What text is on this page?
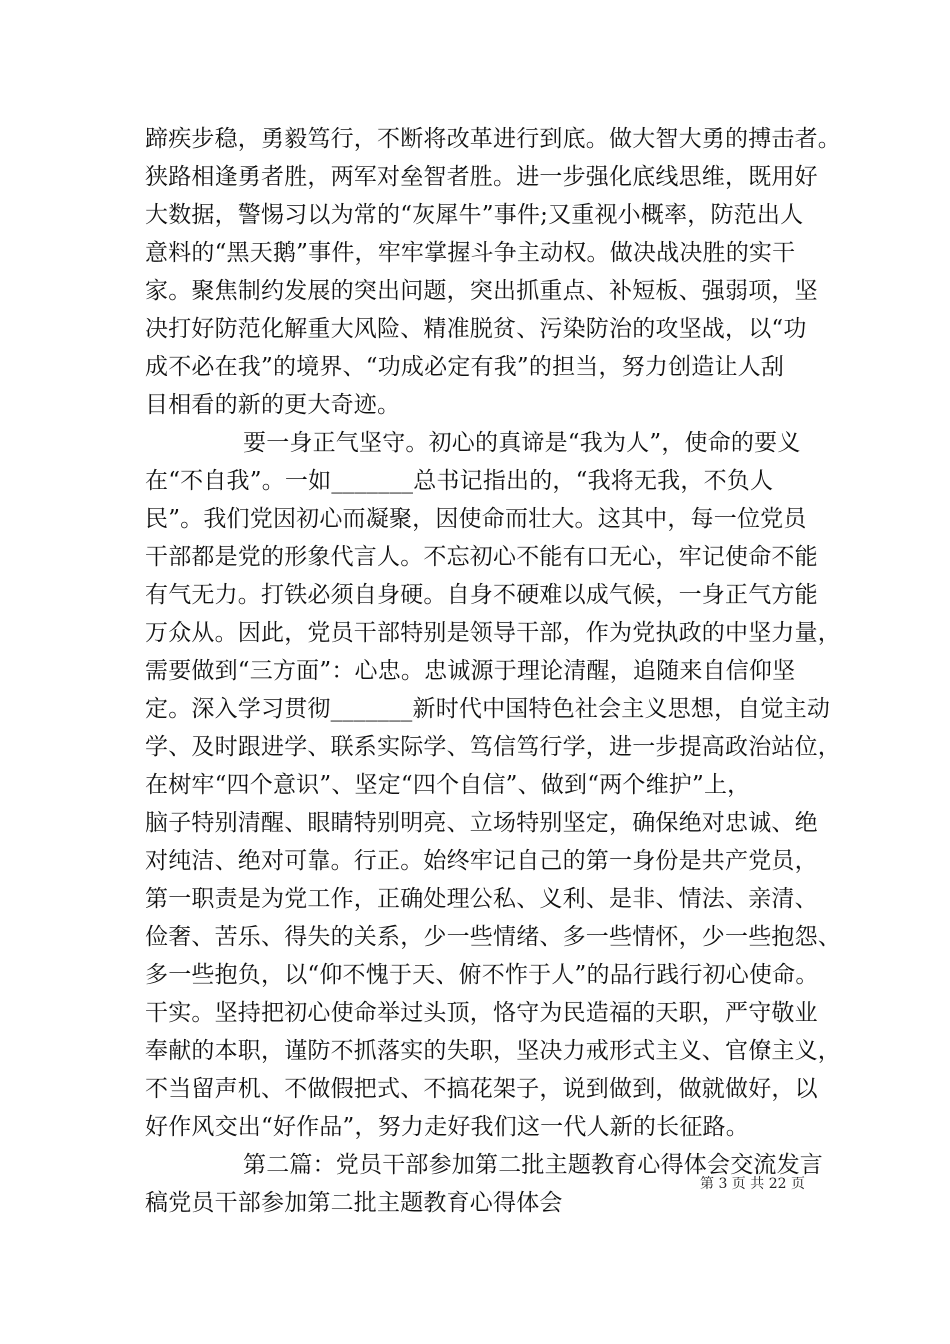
蹄疾步稳，勇毅笃行，不断将改革进行到底。做大智大勇的搏击者。
狭路相逢勇者胜，两军对垒智者胜。进一步强化底线思维，既用好
大数据，警惕习以为常的“灰犀牛”事件;又重视小概率，防范出人
意料的“黑天鹅”事件，牢牢掌握斗争主动权。做决战决胜的实干
家。聚焦制约发展的突出问题，突出抓重点、补短板、强弱项，坚
决打好防范化解重大风险、精准脱贫、污染防治的攻坚战，以“功
成不必在我”的境界、“功成必定有我”的担当，努力创造让人刮
目相看的新的更大奇迹。
要一身正气坚守。初心的真谛是“我为人”，使命的要义
在“不自我”。一如_______总书记指出的，“我将无我，不负人
民”。我们党因初心而凝聚，因使命而壮大。这其中，每一位党员
干部都是党的形象代言人。不忘初心不能有口无心，牢记使命不能
有气无力。打铁必须自身硬。自身不硬难以成气候，一身正气方能
万众从。因此，党员干部特别是领导干部，作为党执政的中坚力量，
需要做到“三方面”：心忠。忠诚源于理论清醒，追随来自信仰坚
定。深入学习贯彻_______新时代中国特色社会主义思想，自觉主动
学、及时跟进学、联系实际学、笃信笃行学，进一步提高政治站位，
在树牢“四个意识”、坚定“四个自信”、做到“两个维护”上，
脑子特别清醒、眼睛特别明亮、立场特别坚定，确保绝对忠诚、绝
对纯洁、绝对可靠。行正。始终牢记自己的第一身份是共产党员，
第一职责是为党工作，正确处理公私、义利、是非、情法、亲清、
俭奢、苦乐、得失的关系，少一些情绪、多一些情怀，少一些抱怨、
多一些抱负，以“仰不愧于天、俯不怍于人”的品行践行初心使命。
干实。坚持把初心使命举过头顶，恪守为民造福的天职，严守敬业
奉献的本职，谨防不抓落实的失职，坚决力戒形式主义、官僚主义，
不当留声机、不做假把式、不搞花架子，说到做到，做就做好，以
好作风交出“好作品”，努力走好我们这一代人新的长征路。
第二篇：党员干部参加第二批主题教育心得体会交流发言
稿党员干部参加第二批主题教育心得体会
第 3 页 共 22 页
